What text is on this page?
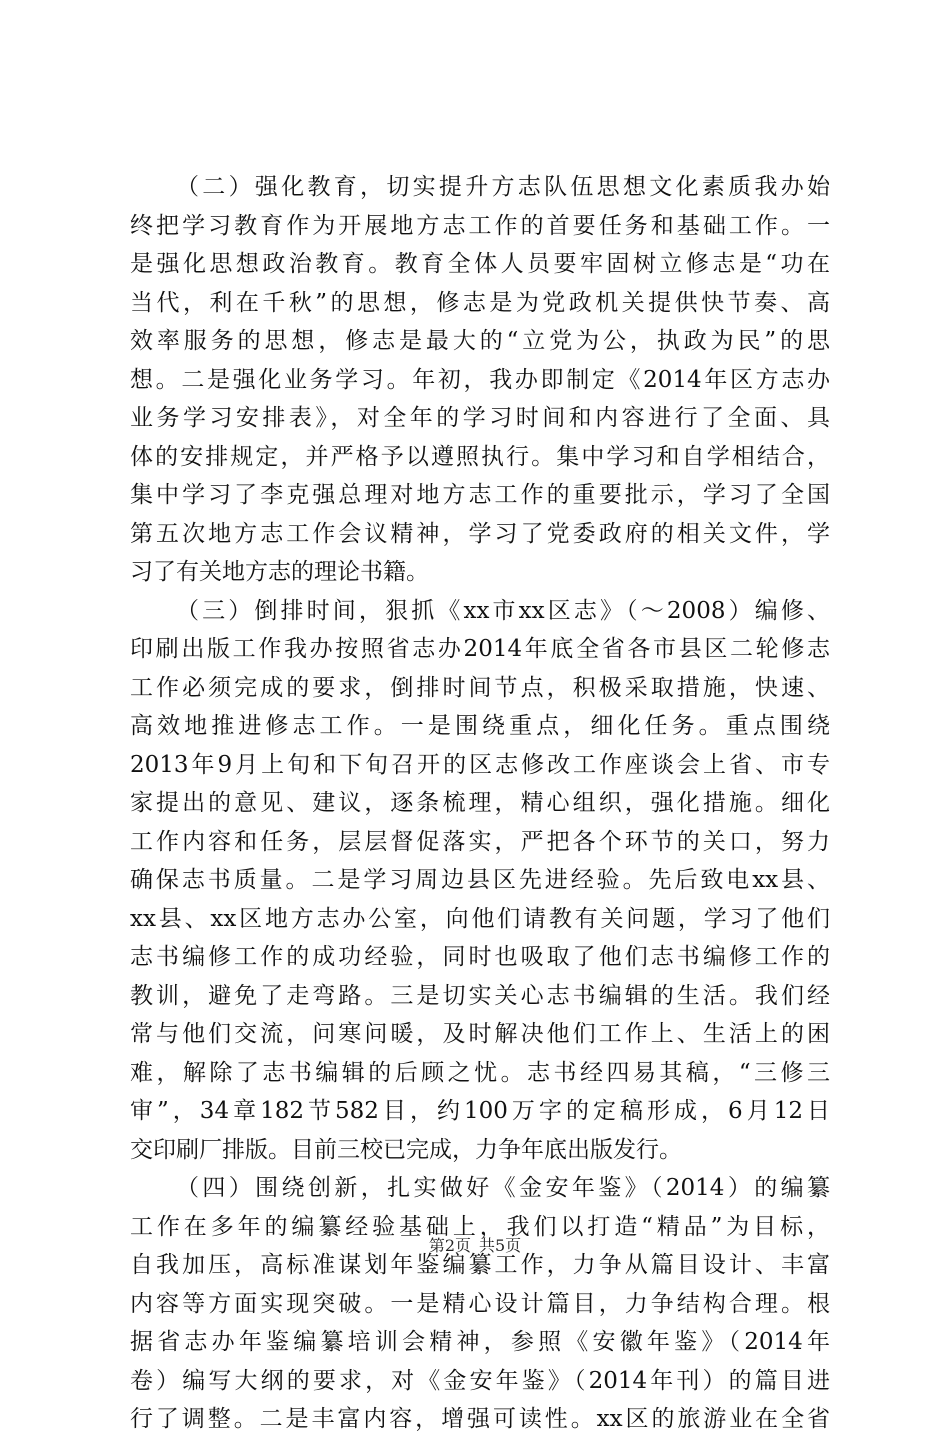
（二）强化教育，切实提升方志队伍思想文化素质我办始
终把学习教育作为开展地方志工作的首要任务和基础工作。一
是强化思想政治教育。教育全体人员要牢固树立修志是“功在
当代，利在千秋”的思想，修志是为党政机关提供快节奏、高
效率服务的思想，修志是最大的“立党为公，执政为民”的思
想。二是强化业务学习。年初，我办即制定《2014年区方志办
业务学习安排表》，对全年的学习时间和内容进行了全面、具
体的安排规定，并严格予以遵照执行。集中学习和自学相结合，
集中学习了李克强总理对地方志工作的重要批示，学习了全国
第五次地方志工作会议精神，学习了党委政府的相关文件，学
习了有关地方志的理论书籍。
（三）倒排时间，狠抓《xx市xx区志》（～2008）编修、
印刷出版工作我办按照省志办2014年底全省各市县区二轮修志
工作必须完成的要求，倒排时间节点，积极采取措施，快速、
高效地推进修志工作。一是围绕重点，细化任务。重点围绕
2013年9月上旬和下旬召开的区志修改工作座谈会上省、市专
家提出的意见、建议，逐条梳理，精心组织，强化措施。细化
工作内容和任务，层层督促落实，严把各个环节的关口，努力
确保志书质量。二是学习周边县区先进经验。先后致电xx县、
xx县、xx区地方志办公室，向他们请教有关问题，学习了他们
志书编修工作的成功经验，同时也吸取了他们志书编修工作的
教训，避免了走弯路。三是切实关心志书编辑的生活。我们经
常与他们交流，问寒问暖，及时解决他们工作上、生活上的困
难，解除了志书编辑的后顾之忧。志书经四易其稿，“三修三
审”，34章182节582目，约100万字的定稿形成，6月12日
交印刷厂排版。目前三校已完成，力争年底出版发行。
（四）围绕创新，扎实做好《金安年鉴》（2014）的编纂
工作在多年的编纂经验基础上，我们以打造“精品”为目标，
自我加压，高标准谋划年鉴编纂工作，力争从篇目设计、丰富
内容等方面实现突破。一是精心设计篇目，力争结构合理。根
据省志办年鉴编纂培训会精神，参照《安徽年鉴》（2014年
卷）编写大纲的要求，对《金安年鉴》（2014年刊）的篇目进
行了调整。二是丰富内容，增强可读性。xx区的旅游业在全省
第2页 共5页
